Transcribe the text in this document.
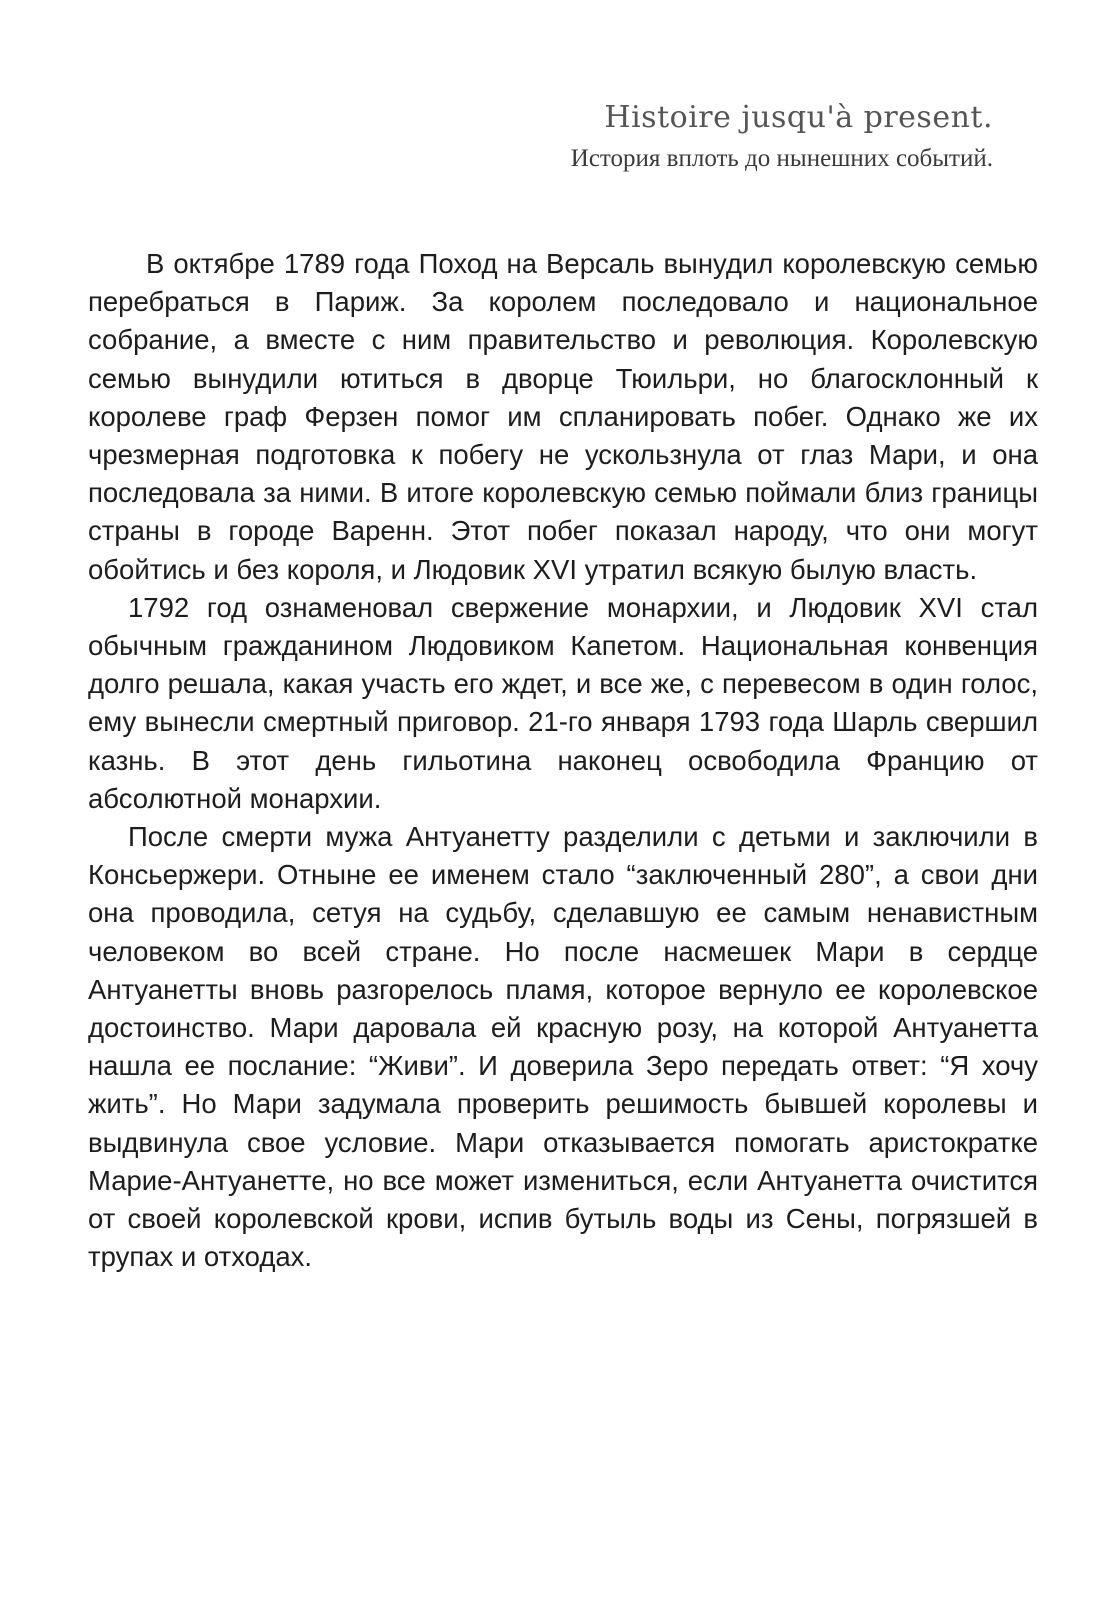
Histoire jusqu'à present.
История вплоть до нынешних событий.

В октябре 1789 года Поход на Версаль вынудил королевскую семью перебраться в Париж. За королем последовало и национальное собрание, а вместе с ним правительство и революция. Королевскую семью вынудили ютиться в дворце Тюильри, но благосклонный к королеве граф Ферзен помог им спланировать побег. Однако же их чрезмерная подготовка к побегу не ускользнула от глаз Мари, и она последовала за ними. В итоге королевскую семью поймали близ границы страны в городе Варенн. Этот побег показал народу, что они могут обойтись и без короля, и Людовик XVI утратил всякую былую власть.

1792 год ознаменовал свержение монархии, и Людовик XVI стал обычным гражданином Людовиком Капетом. Национальная конвенция долго решала, какая участь его ждет, и все же, с перевесом в один голос, ему вынесли смертный приговор. 21-го января 1793 года Шарль свершил казнь. В этот день гильотина наконец освободила Францию от абсолютной монархии.

После смерти мужа Антуанетту разделили с детьми и заключили в Консьержери. Отныне ее именем стало “заключенный 280”, а свои дни она проводила, сетуя на судьбу, сделавшую ее самым ненавистным человеком во всей стране. Но после насмешек Мари в сердце Антуанетты вновь разгорелось пламя, которое вернуло ее королевское достоинство. Мари даровала ей красную розу, на которой Антуанетта нашла ее послание: “Живи”. И доверила Зеро передать ответ: “Я хочу жить”. Но Мари задумала проверить решимость бывшей королевы и выдвинула свое условие. Мари отказывается помогать аристократке Марие-Антуанетте, но все может измениться, если Антуанетта очистится от своей королевской крови, испив бутыль воды из Сены, погрязшей в трупах и отходах.
